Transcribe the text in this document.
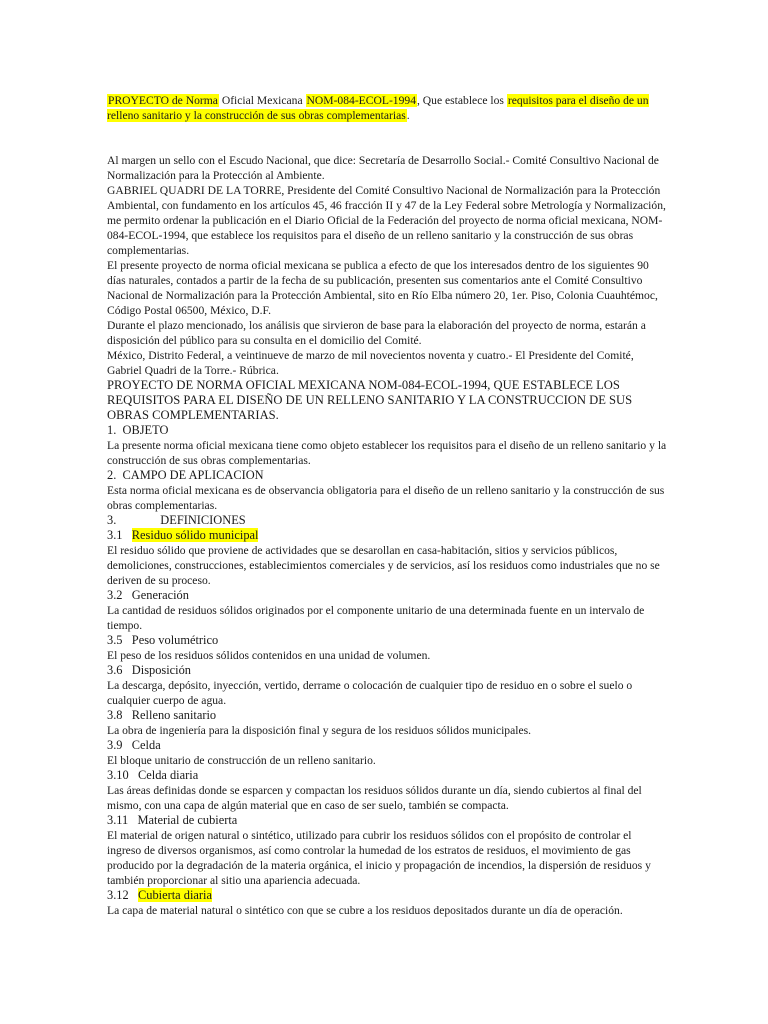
PROYECTO de Norma Oficial Mexicana NOM-084-ECOL-1994, Que establece los requisitos para el diseño de un relleno sanitario y la construcción de sus obras complementarias.

Al margen un sello con el Escudo Nacional, que dice: Secretaría de Desarrollo Social.- Comité Consultivo Nacional de Normalización para la Protección al Ambiente.

GABRIEL QUADRI DE LA TORRE, Presidente del Comité Consultivo Nacional de Normalización para la Protección Ambiental, con fundamento en los artículos 45, 46 fracción II y 47 de la Ley Federal sobre Metrología y Normalización, me permito ordenar la publicación en el Diario Oficial de la Federación del proyecto de norma oficial mexicana, NOM-084-ECOL-1994, que establece los requisitos para el diseño de un relleno sanitario y la construcción de sus obras complementarias.

El presente proyecto de norma oficial mexicana se publica a efecto de que los interesados dentro de los siguientes 90 días naturales, contados a partir de la fecha de su publicación, presenten sus comentarios ante el Comité Consultivo Nacional de Normalización para la Protección Ambiental, sito en Río Elba número 20, 1er. Piso, Colonia Cuauhtémoc, Código Postal 06500, México, D.F.

Durante el plazo mencionado, los análisis que sirvieron de base para la elaboración del proyecto de norma, estarán a disposición del público para su consulta en el domicilio del Comité.

México, Distrito Federal, a veintinueve de marzo de mil novecientos noventa y cuatro.- El Presidente del Comité, Gabriel Quadri de la Torre.- Rúbrica.

PROYECTO DE NORMA OFICIAL MEXICANA NOM-084-ECOL-1994, QUE ESTABLECE LOS REQUISITOS PARA EL DISEÑO DE UN RELLENO SANITARIO Y LA CONSTRUCCION DE SUS OBRAS COMPLEMENTARIAS.

1. OBJETO

La presente norma oficial mexicana tiene como objeto establecer los requisitos para el diseño de un relleno sanitario y la construcción de sus obras complementarias.

2. CAMPO DE APLICACION

Esta norma oficial mexicana es de observancia obligatoria para el diseño de un relleno sanitario y la construcción de sus obras complementarias.

3.	DEFINICIONES

3.1 Residuo sólido municipal

El residuo sólido que proviene de actividades que se desarollan en casa-habitación, sitios y servicios públicos, demoliciones, construcciones, establecimientos comerciales y de servicios, así los residuos como industriales que no se deriven de su proceso.

3.2 Generación

La cantidad de residuos sólidos originados por el componente unitario de una determinada fuente en un intervalo de tiempo.

3.5 Peso volumétrico

El peso de los residuos sólidos contenidos en una unidad de volumen.

3.6 Disposición

La descarga, depósito, inyección, vertido, derrame o colocación de cualquier tipo de residuo en o sobre el suelo o cualquier cuerpo de agua.

3.8 Relleno sanitario

La obra de ingeniería para la disposición final y segura de los residuos sólidos municipales.

3.9 Celda

El bloque unitario de construcción de un relleno sanitario.

3.10 Celda diaria

Las áreas definidas donde se esparcen y compactan los residuos sólidos durante un día, siendo cubiertos al final del mismo, con una capa de algún material que en caso de ser suelo, también se compacta.

3.11 Material de cubierta

El material de origen natural o sintético, utilizado para cubrir los residuos sólidos con el propósito de controlar el ingreso de diversos organismos, así como controlar la humedad de los estratos de residuos, el movimiento de gas producido por la degradación de la materia orgánica, el inicio y propagación de incendios, la dispersión de residuos y también proporcionar al sitio una apariencia adecuada.

3.12 Cubierta diaria

La capa de material natural o sintético con que se cubre a los residuos depositados durante un día de operación.
